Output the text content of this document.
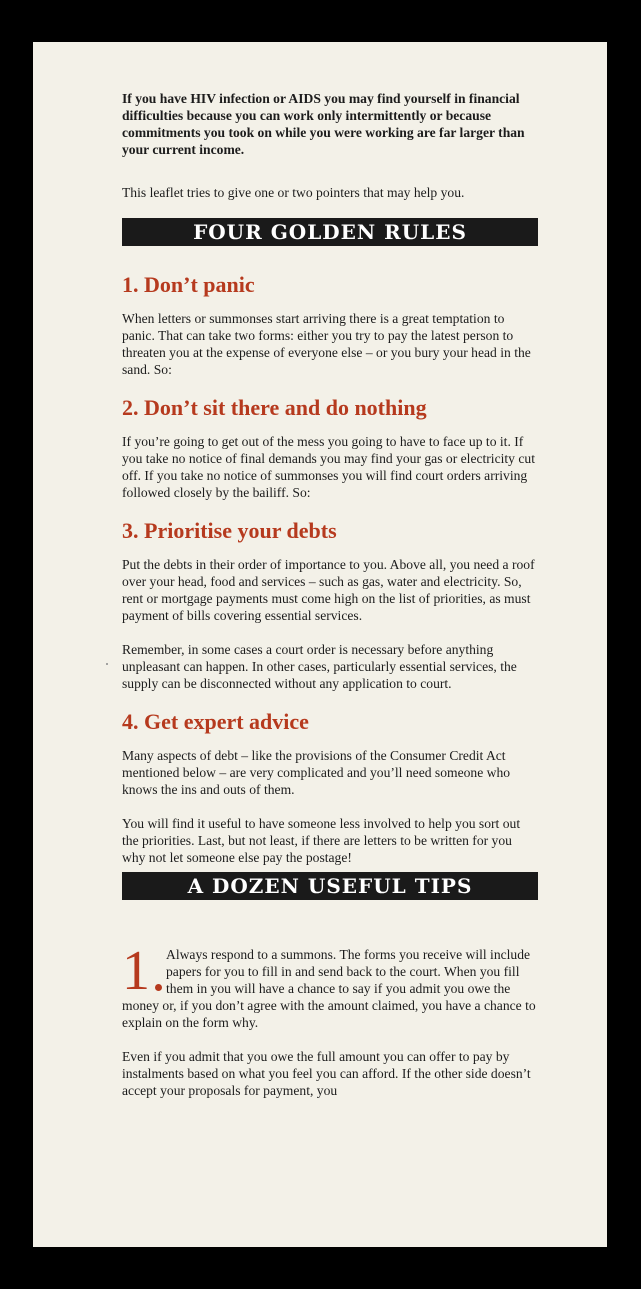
If you have HIV infection or AIDS you may find yourself in financial difficulties because you can work only intermittently or because commitments you took on while you were working are far larger than your current income.

This leaflet tries to give one or two pointers that may help you.

FOUR GOLDEN RULES
1. Don’t panic

When letters or summonses start arriving there is a great temptation to panic. That can take two forms: either you try to pay the latest person to threaten you at the expense of everyone else – or you bury your head in the sand. So:

2. Don’t sit there and do nothing

If you’re going to get out of the mess you going to have to face up to it. If you take no notice of final demands you may find your gas or electricity cut off. If you take no notice of summonses you will find court orders arriving followed closely by the bailiff. So:

3. Prioritise your debts

Put the debts in their order of importance to you. Above all, you need a roof over your head, food and services – such as gas, water and electricity. So, rent or mortgage payments must come high on the list of priorities, as must payment of bills covering essential services.

Remember, in some cases a court order is necessary before anything unpleasant can happen. In other cases, particularly essential services, the supply can be disconnected without any application to court.

4. Get expert advice

Many aspects of debt – like the provisions of the Consumer Credit Act mentioned below – are very complicated and you’ll need someone who knows the ins and outs of them.

You will find it useful to have someone less involved to help you sort out the priorities. Last, but not least, if there are letters to be written for you why not let someone else pay the postage!

A DOZEN USEFUL TIPS
1	Always respond to a summons. The forms you receive will include papers for you to fill in and send back to the court. When you fill them in you will have a chance to say if you admit you owe the money or, if you don’t agree with the amount claimed, you have a chance to explain on the form why.

Even if you admit that you owe the full amount you can offer to pay by instalments based on what you feel you can afford. If the other side doesn’t accept your proposals for payment, you
